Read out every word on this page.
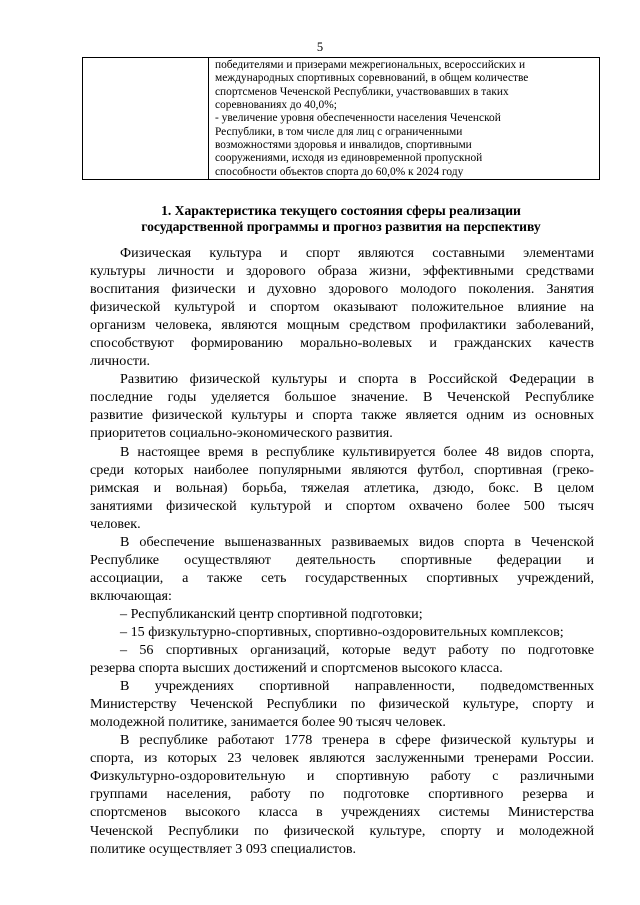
5

победителями и призерами межрегиональных, всероссийских и
международных спортивных соревнований, в общем количестве
спортсменов Чеченской Республики, участвовавших в таких
соревнованиях до 40,0%;
- увеличение уровня обеспеченности населения Чеченской
Республики, в том числе для лиц с ограниченными
возможностями здоровья и инвалидов, спортивными
сооружениями, исходя из единовременной пропускной
способности объектов спорта до 60,0% к 2024 году
1. Характеристика текущего состояния сферы реализации
государственной программы и прогноз развития на перспективу
Физическая культура и спорт являются составными элементами
культуры личности и здорового образа жизни, эффективными средствами
воспитания физически и духовно здорового молодого поколения. Занятия
физической культурой и спортом оказывают положительное влияние на
организм человека, являются мощным средством профилактики заболеваний,
способствуют формированию морально-волевых и гражданских качеств
личности.
Развитию физической культуры и спорта в Российской Федерации в
последние годы уделяется большое значение. В Чеченской Республике
развитие физической культуры и спорта также является одним из основных
приоритетов социально-экономического развития.
В настоящее время в республике культивируется более 48 видов спорта,
среди которых наиболее популярными являются футбол, спортивная (греко-
римская и вольная) борьба, тяжелая атлетика, дзюдо, бокс. В целом
занятиями физической культурой и спортом охвачено более 500 тысяч
человек.
В обеспечение вышеназванных развиваемых видов спорта в Чеченской
Республике осуществляют деятельность спортивные федерации и
ассоциации, а также сеть государственных спортивных учреждений,
включающая:
– Республиканский центр спортивной подготовки;
– 15 физкультурно-спортивных, спортивно-оздоровительных комплексов;
– 56 спортивных организаций, которые ведут работу по подготовке
резерва спорта высших достижений и спортсменов высокого класса.
В учреждениях спортивной направленности, подведомственных
Министерству Чеченской Республики по физической культуре, спорту и
молодежной политике, занимается более 90 тысяч человек.
В республике работают 1778 тренера в сфере физической культуры и
спорта, из которых 23 человек являются заслуженными тренерами России.
Физкультурно-оздоровительную и спортивную работу с различными
группами населения, работу по подготовке спортивного резерва и
спортсменов высокого класса в учреждениях системы Министерства
Чеченской Республики по физической культуре, спорту и молодежной
политике осуществляет 3 093 специалистов.
